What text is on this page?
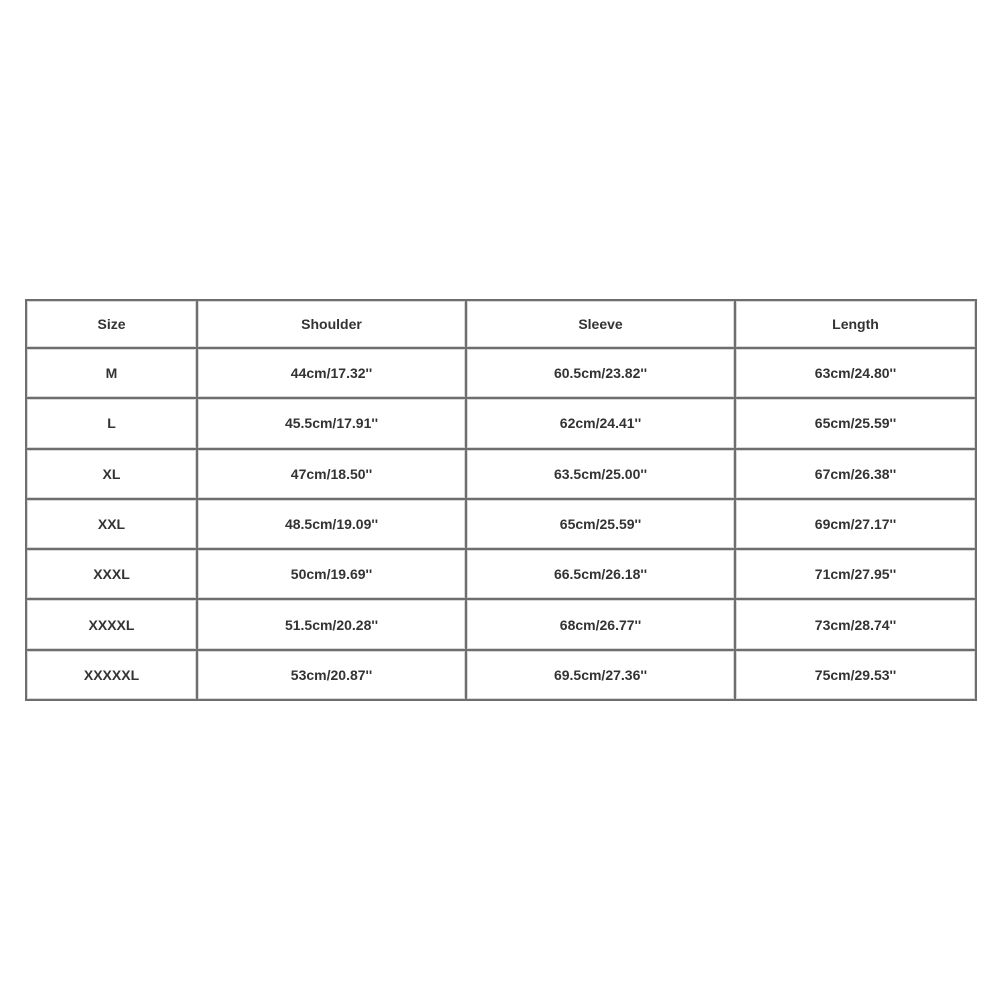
Size	Shoulder	Sleeve	Length
M	44cm/17.32''	60.5cm/23.82''	63cm/24.80''
L	45.5cm/17.91''	62cm/24.41''	65cm/25.59''
XL	47cm/18.50''	63.5cm/25.00''	67cm/26.38''
XXL	48.5cm/19.09''	65cm/25.59''	69cm/27.17''
XXXL	50cm/19.69''	66.5cm/26.18''	71cm/27.95''
XXXXL	51.5cm/20.28''	68cm/26.77''	73cm/28.74''
XXXXXL	53cm/20.87''	69.5cm/27.36''	75cm/29.53''
